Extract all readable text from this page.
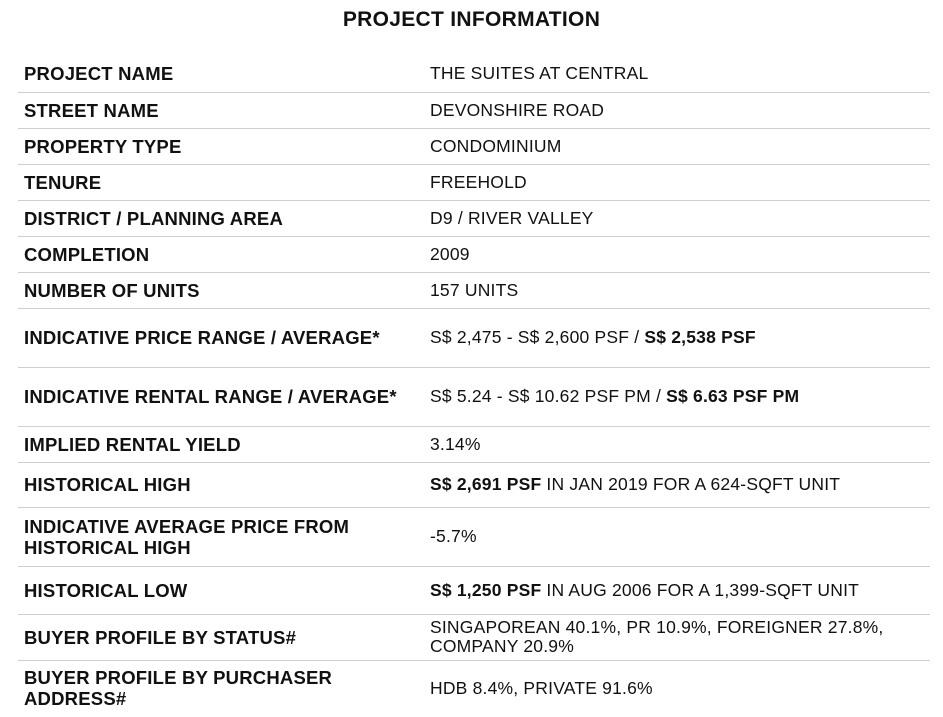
PROJECT INFORMATION
PROJECT NAME	THE SUITES AT CENTRAL
STREET NAME	DEVONSHIRE ROAD
PROPERTY TYPE	CONDOMINIUM
TENURE	FREEHOLD
DISTRICT / PLANNING AREA	D9 / RIVER VALLEY
COMPLETION	2009
NUMBER OF UNITS	157 UNITS
INDICATIVE PRICE RANGE / AVERAGE*	S$ 2,475 - S$ 2,600 PSF / S$ 2,538 PSF
INDICATIVE RENTAL RANGE / AVERAGE*	S$ 5.24 - S$ 10.62 PSF PM / S$ 6.63 PSF PM
IMPLIED RENTAL YIELD	3.14%
HISTORICAL HIGH	S$ 2,691 PSF IN JAN 2019 FOR A 624-SQFT UNIT
INDICATIVE AVERAGE PRICE FROM HISTORICAL HIGH	-5.7%
HISTORICAL LOW	S$ 1,250 PSF IN AUG 2006 FOR A 1,399-SQFT UNIT
BUYER PROFILE BY STATUS#	SINGAPOREAN 40.1%, PR 10.9%, FOREIGNER 27.8%, COMPANY 20.9%
BUYER PROFILE BY PURCHASER ADDRESS#	HDB 8.4%, PRIVATE 91.6%
